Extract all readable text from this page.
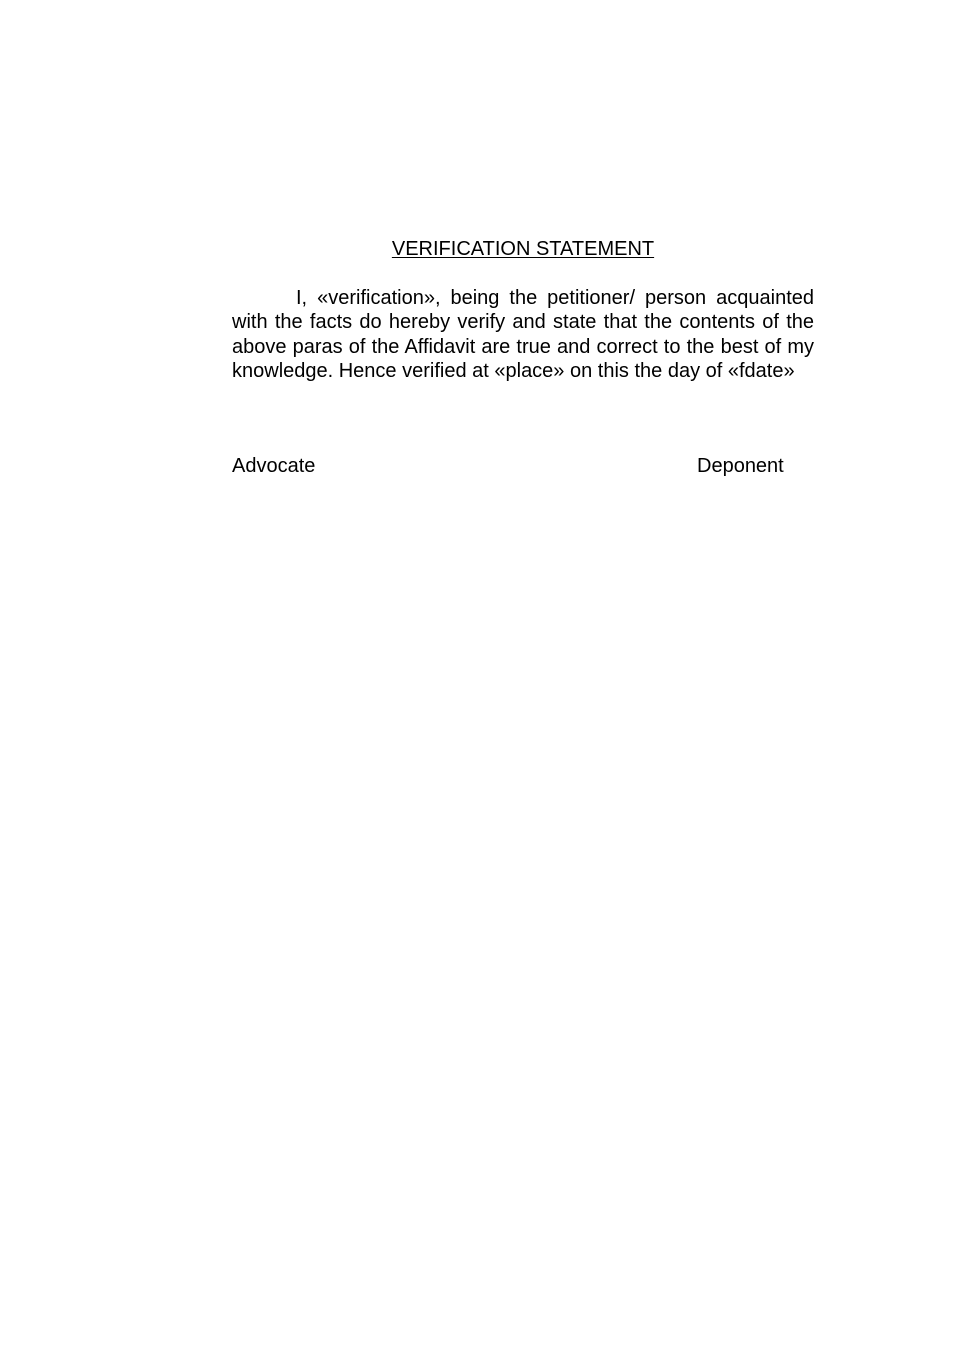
VERIFICATION STATEMENT

I, «verification», being the petitioner/ person acquainted with the facts do hereby verify and state that the contents of the above paras of the Affidavit are true and correct to the best of my knowledge. Hence verified at «place» on this the day of «fdate»

Advocate	Deponent
